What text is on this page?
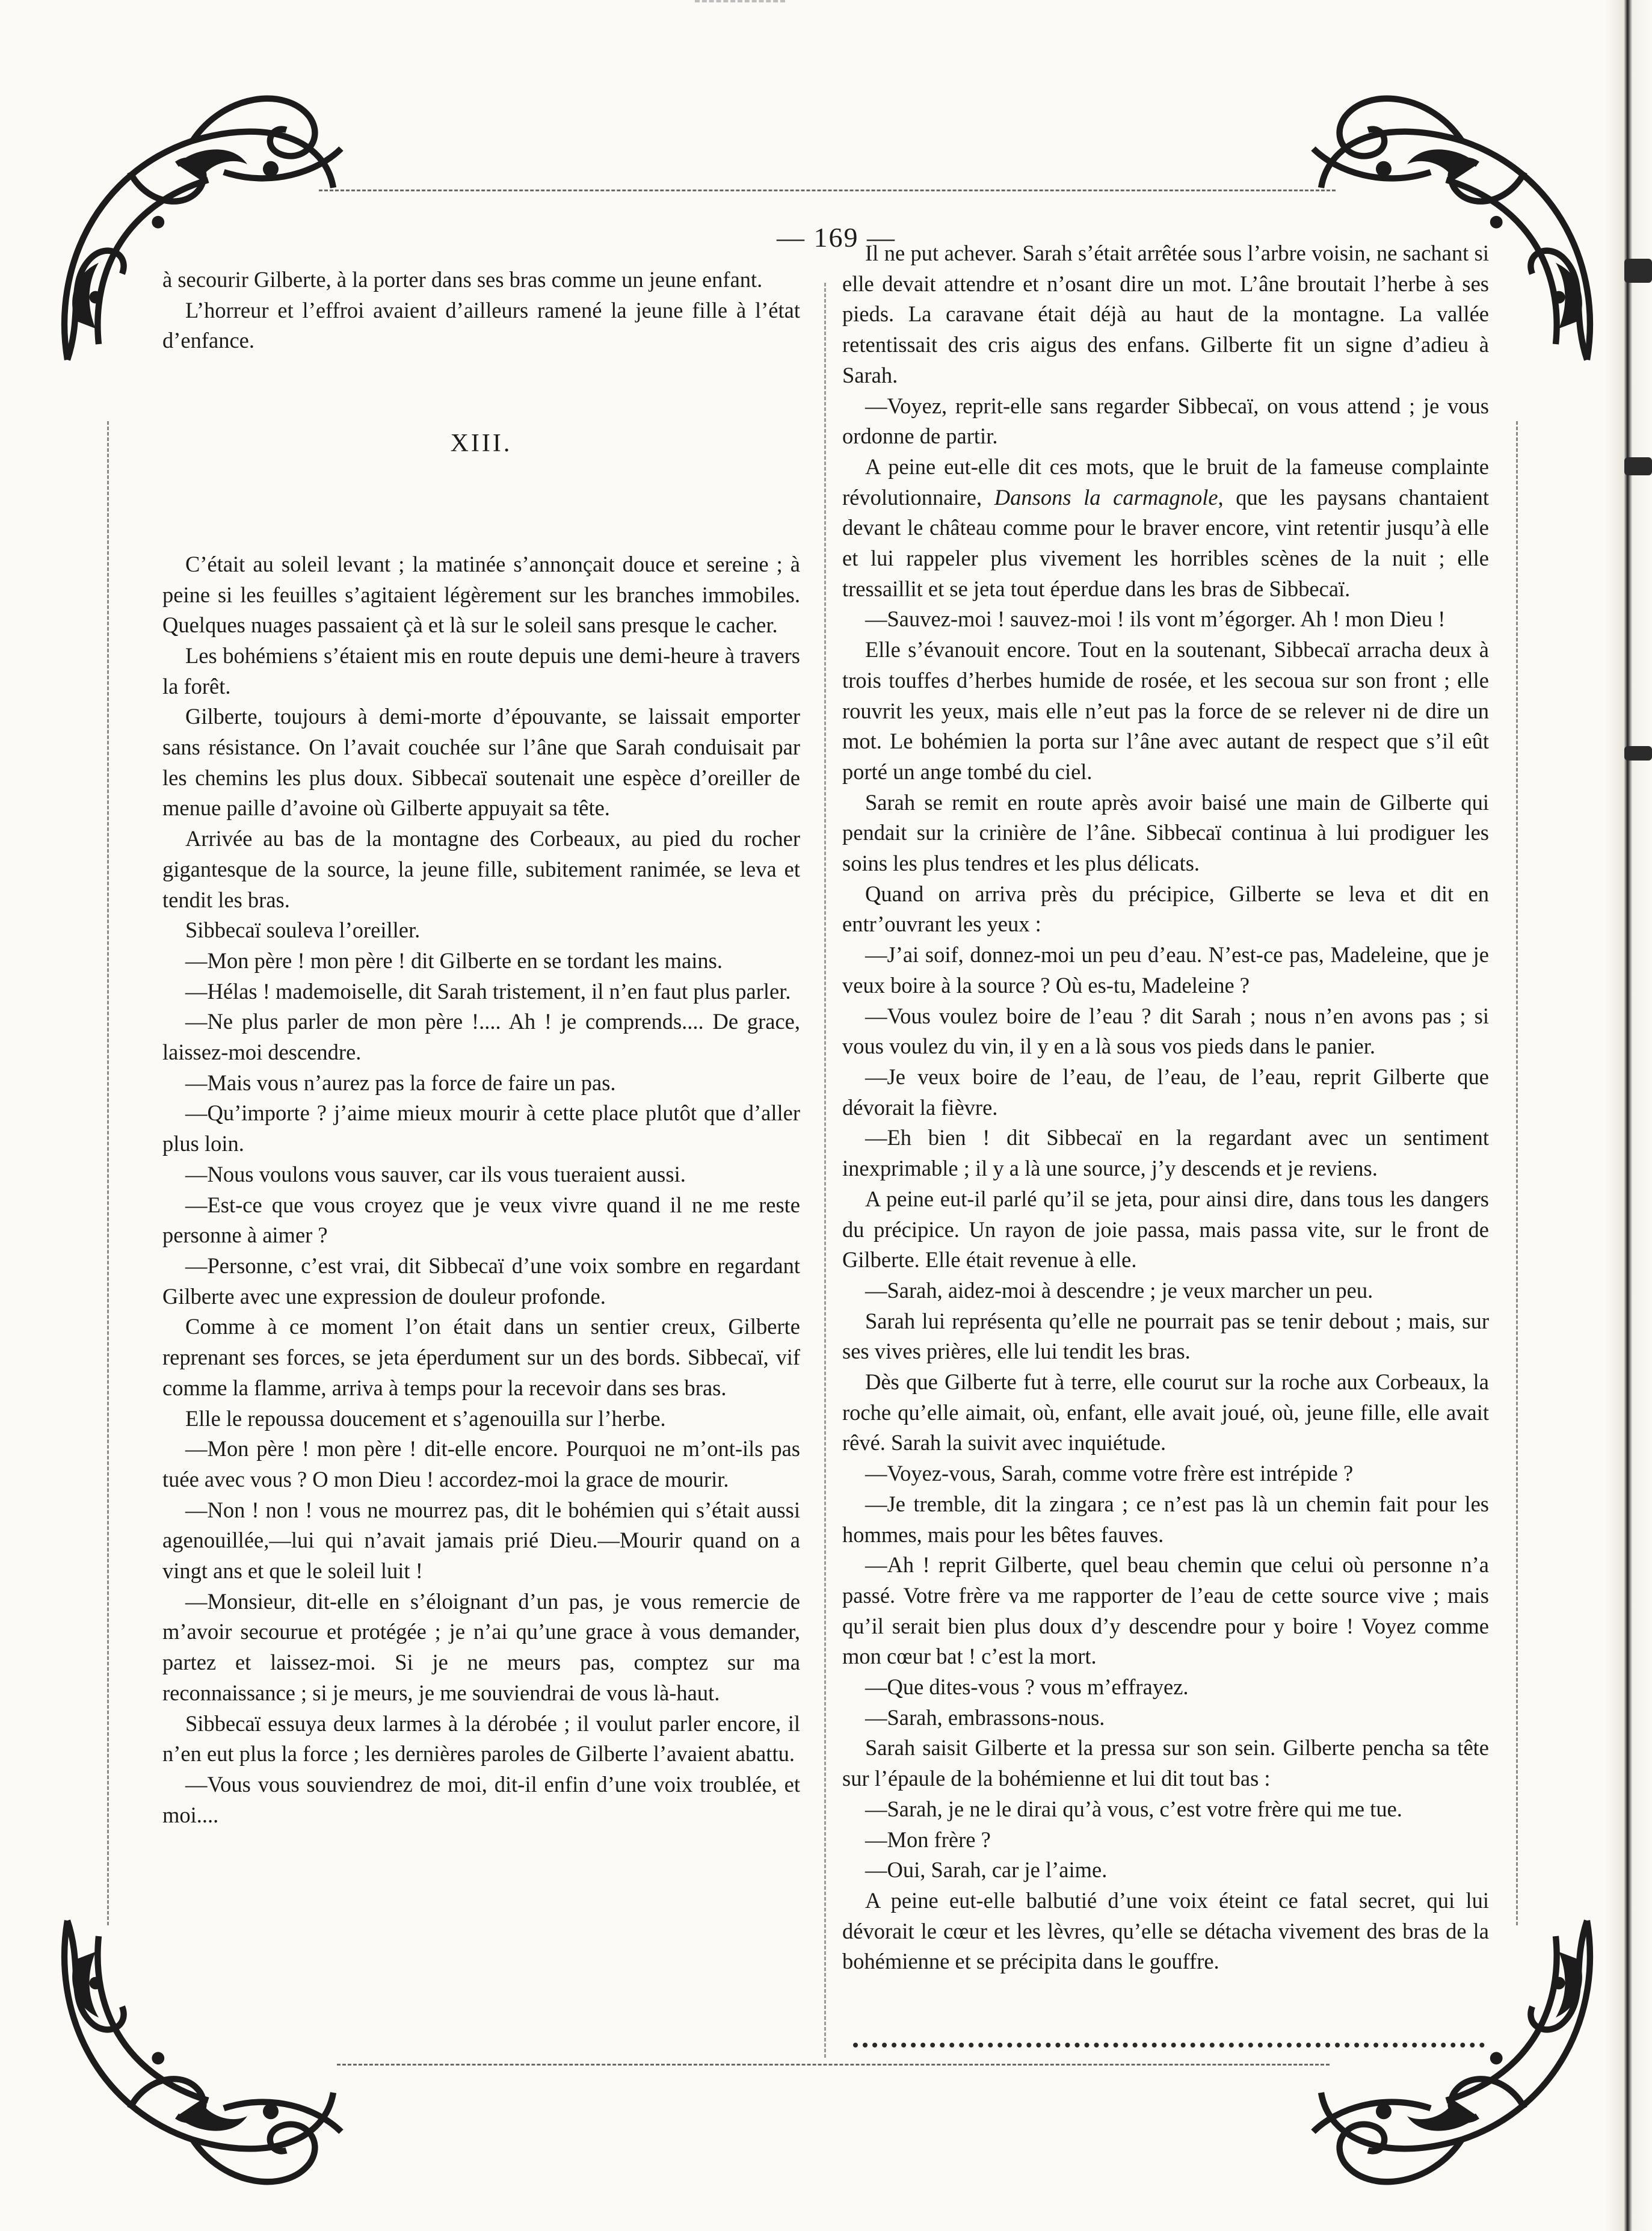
— 169 —

à secourir Gilberte, à la porter dans ses bras comme un jeune enfant.

L’horreur et l’effroi avaient d’ailleurs ramené la jeune fille à l’état d’enfance.

XIII.

C’était au soleil levant ; la matinée s’annonçait douce et sereine ; à peine si les feuilles s’agitaient légèrement sur les branches immobiles. Quelques nuages passaient çà et là sur le soleil sans presque le cacher.

Les bohémiens s’étaient mis en route depuis une demi-heure à travers la forêt.

Gilberte, toujours à demi-morte d’épouvante, se laissait emporter sans résistance. On l’avait couchée sur l’âne que Sarah conduisait par les chemins les plus doux. Sibbecaï soutenait une espèce d’oreiller de menue paille d’avoine où Gilberte appuyait sa tête.

Arrivée au bas de la montagne des Corbeaux, au pied du rocher gigantesque de la source, la jeune fille, subitement ranimée, se leva et tendit les bras.

Sibbecaï souleva l’oreiller.

—Mon père ! mon père ! dit Gilberte en se tordant les mains.

—Hélas ! mademoiselle, dit Sarah tristement, il n’en faut plus parler.

—Ne plus parler de mon père !.... Ah ! je comprends.... De grace, laissez-moi descendre.

—Mais vous n’aurez pas la force de faire un pas.

—Qu’importe ? j’aime mieux mourir à cette place plutôt que d’aller plus loin.

—Nous voulons vous sauver, car ils vous tueraient aussi.

—Est-ce que vous croyez que je veux vivre quand il ne me reste personne à aimer ?

—Personne, c’est vrai, dit Sibbecaï d’une voix sombre en regardant Gilberte avec une expression de douleur profonde.

Comme à ce moment l’on était dans un sentier creux, Gilberte reprenant ses forces, se jeta éperdument sur un des bords. Sibbecaï, vif comme la flamme, arriva à temps pour la recevoir dans ses bras.

Elle le repoussa doucement et s’agenouilla sur l’herbe.

—Mon père ! mon père ! dit-elle encore. Pourquoi ne m’ont-ils pas tuée avec vous ? O mon Dieu ! accordez-moi la grace de mourir.

—Non ! non ! vous ne mourrez pas, dit le bohémien qui s’était aussi agenouillée,—lui qui n’avait jamais prié Dieu.—Mourir quand on a vingt ans et que le soleil luit !

—Monsieur, dit-elle en s’éloignant d’un pas, je vous remercie de m’avoir secourue et protégée ; je n’ai qu’une grace à vous demander, partez et laissez-moi. Si je ne meurs pas, comptez sur ma reconnaissance ; si je meurs, je me souviendrai de vous là-haut.

Sibbecaï essuya deux larmes à la dérobée ; il voulut parler encore, il n’en eut plus la force ; les dernières paroles de Gilberte l’avaient abattu.

—Vous vous souviendrez de moi, dit-il enfin d’une voix troublée, et moi....

Il ne put achever. Sarah s’était arrêtée sous l’arbre voisin, ne sachant si elle devait attendre et n’osant dire un mot. L’âne broutait l’herbe à ses pieds. La caravane était déjà au haut de la montagne. La vallée retentissait des cris aigus des enfans. Gilberte fit un signe d’adieu à Sarah.

—Voyez, reprit-elle sans regarder Sibbecaï, on vous attend ; je vous ordonne de partir.

A peine eut-elle dit ces mots, que le bruit de la fameuse complainte révolutionnaire, Dansons la carmagnole, que les paysans chantaient devant le château comme pour le braver encore, vint retentir jusqu’à elle et lui rappeler plus vivement les horribles scènes de la nuit ; elle tressaillit et se jeta tout éperdue dans les bras de Sibbecaï.

—Sauvez-moi ! sauvez-moi ! ils vont m’égorger. Ah ! mon Dieu !

Elle s’évanouit encore. Tout en la soutenant, Sibbecaï arracha deux à trois touffes d’herbes humide de rosée, et les secoua sur son front ; elle rouvrit les yeux, mais elle n’eut pas la force de se relever ni de dire un mot. Le bohémien la porta sur l’âne avec autant de respect que s’il eût porté un ange tombé du ciel.

Sarah se remit en route après avoir baisé une main de Gilberte qui pendait sur la crinière de l’âne. Sibbecaï continua à lui prodiguer les soins les plus tendres et les plus délicats.

Quand on arriva près du précipice, Gilberte se leva et dit en entr’ouvrant les yeux :

—J’ai soif, donnez-moi un peu d’eau. N’est-ce pas, Madeleine, que je veux boire à la source ? Où es-tu, Madeleine ?

—Vous voulez boire de l’eau ? dit Sarah ; nous n’en avons pas ; si vous voulez du vin, il y en a là sous vos pieds dans le panier.

—Je veux boire de l’eau, de l’eau, de l’eau, reprit Gilberte que dévorait la fièvre.

—Eh bien ! dit Sibbecaï en la regardant avec un sentiment inexprimable ; il y a là une source, j’y descends et je reviens.

A peine eut-il parlé qu’il se jeta, pour ainsi dire, dans tous les dangers du précipice. Un rayon de joie passa, mais passa vite, sur le front de Gilberte. Elle était revenue à elle.

—Sarah, aidez-moi à descendre ; je veux marcher un peu.

Sarah lui représenta qu’elle ne pourrait pas se tenir debout ; mais, sur ses vives prières, elle lui tendit les bras.

Dès que Gilberte fut à terre, elle courut sur la roche aux Corbeaux, la roche qu’elle aimait, où, enfant, elle avait joué, où, jeune fille, elle avait rêvé. Sarah la suivit avec inquiétude.

—Voyez-vous, Sarah, comme votre frère est intrépide ?

—Je tremble, dit la zingara ; ce n’est pas là un chemin fait pour les hommes, mais pour les bêtes fauves.

—Ah ! reprit Gilberte, quel beau chemin que celui où personne n’a passé. Votre frère va me rapporter de l’eau de cette source vive ; mais qu’il serait bien plus doux d’y descendre pour y boire ! Voyez comme mon cœur bat ! c’est la mort.

—Que dites-vous ? vous m’effrayez.

—Sarah, embrassons-nous.

Sarah saisit Gilberte et la pressa sur son sein. Gilberte pencha sa tête sur l’épaule de la bohémienne et lui dit tout bas :

—Sarah, je ne le dirai qu’à vous, c’est votre frère qui me tue.

—Mon frère ?

—Oui, Sarah, car je l’aime.

A peine eut-elle balbutié d’une voix éteint ce fatal secret, qui lui dévorait le cœur et les lèvres, qu’elle se détacha vivement des bras de la bohémienne et se précipita dans le gouffre.
